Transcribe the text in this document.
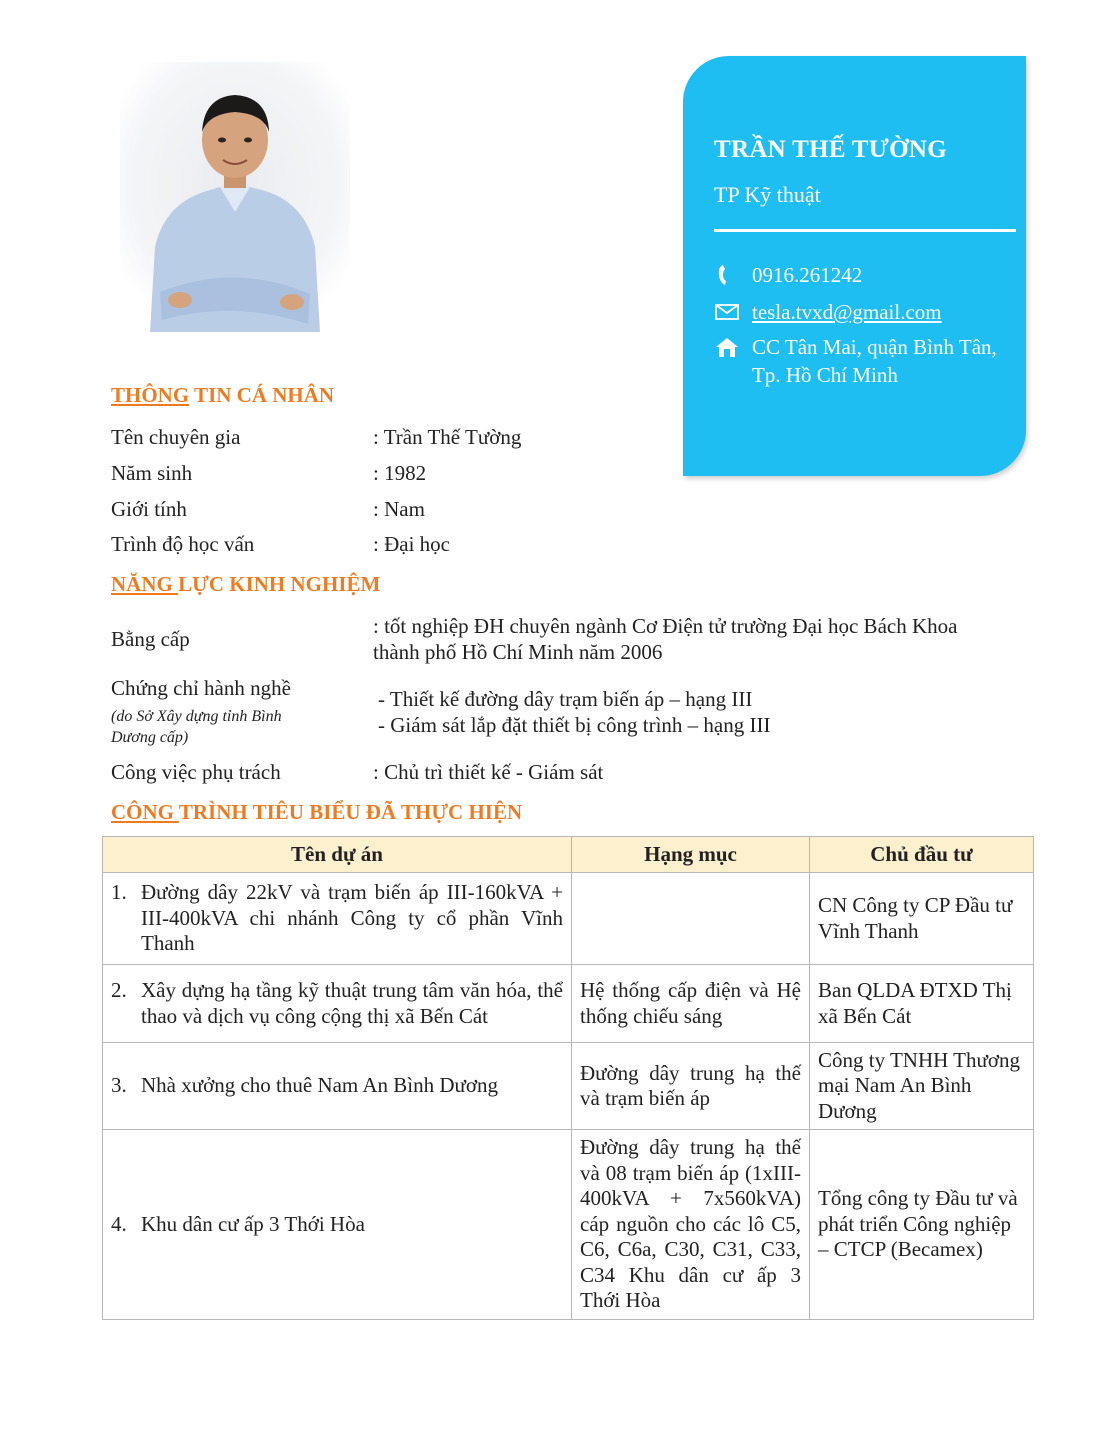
TRẦN THẾ TƯỜNG
TP Kỹ thuật
0916.261242
tesla.tvxd@gmail.com
CC Tân Mai, quận Bình Tân, Tp. Hồ Chí Minh
THÔNG TIN CÁ NHÂN
Tên chuyên gia	: Trần Thế Tường
Năm sinh	: 1982
Giới tính	: Nam
Trình độ học vấn	: Đại học
NĂNG LỰC KINH NGHIỆM
Bằng cấp
: tốt nghiệp ĐH chuyên ngành Cơ Điện tử trường Đại học Bách Khoa
thành phố Hồ Chí Minh năm 2006
Chứng chỉ hành nghề
(do Sở Xây dựng tỉnh Bình Dương cấp)
- Thiết kế đường dây trạm biến áp – hạng III
- Giám sát lắp đặt thiết bị công trình – hạng III
Công việc phụ trách	: Chủ trì thiết kế - Giám sát
CÔNG TRÌNH TIÊU BIỂU ĐÃ THỰC HIỆN
Tên dự án	Hạng mục	Chủ đầu tư

1. Đường dây 22kV và trạm biến áp III-160kVA + III-400kVA chi nhánh Công ty cổ phần Vĩnh Thanh		CN Công ty CP Đầu tư Vĩnh Thanh

2. Xây dựng hạ tầng kỹ thuật trung tâm văn hóa, thể thao và dịch vụ công cộng thị xã Bến Cát	Hệ thống cấp điện và Hệ thống chiếu sáng	Ban QLDA ĐTXD Thị xã Bến Cát

3. Nhà xưởng cho thuê Nam An Bình Dương	Đường dây trung hạ thế và trạm biến áp	Công ty TNHH Thương mại Nam An Bình Dương

4. Khu dân cư ấp 3 Thới Hòa	Đường dây trung hạ thế và 08 trạm biến áp (1xIII-400kVA + 7x560kVA) cáp nguồn cho các lô C5, C6, C6a, C30, C31, C33, C34 Khu dân cư ấp 3 Thới Hòa	Tổng công ty Đầu tư và phát triển Công nghiệp – CTCP (Becamex)
